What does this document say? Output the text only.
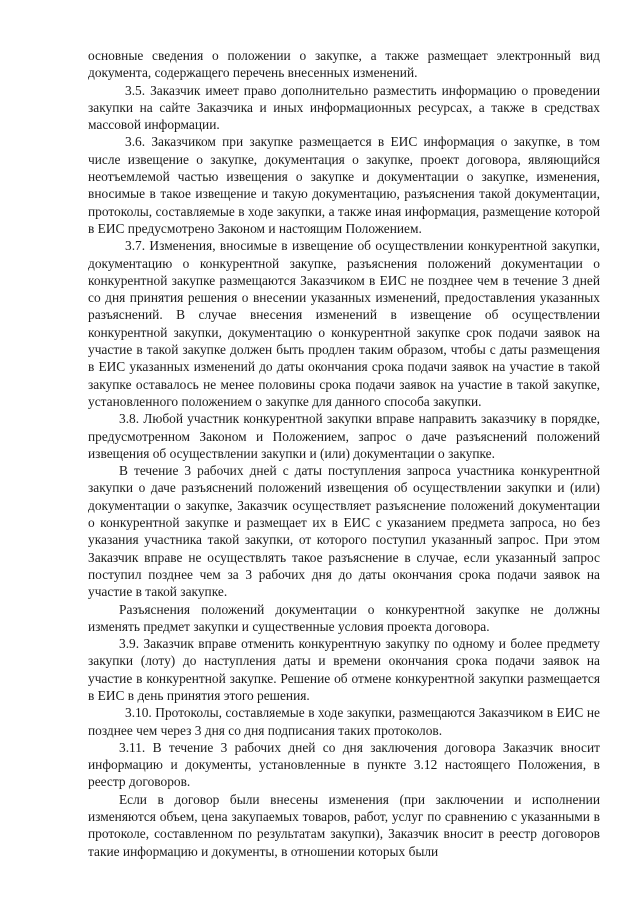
основные сведения о положении о закупке, а также размещает электронный вид документа, содержащего перечень внесенных изменений.

3.5. Заказчик имеет право дополнительно разместить информацию о проведении закупки на сайте Заказчика и иных информационных ресурсах, а также в средствах массовой информации.

3.6. Заказчиком при закупке размещается в ЕИС информация о закупке, в том числе извещение о закупке, документация о закупке, проект договора, являющийся неотъемлемой частью извещения о закупке и документации о закупке, изменения, вносимые в такое извещение и такую документацию, разъяснения такой документации, протоколы, составляемые в ходе закупки, а также иная информация, размещение которой в ЕИС предусмотрено Законом и настоящим Положением.

3.7. Изменения, вносимые в извещение об осуществлении конкурентной закупки, документацию о конкурентной закупке, разъяснения положений документации о конкурентной закупке размещаются Заказчиком в ЕИС не позднее чем в течение 3 дней со дня принятия решения о внесении указанных изменений, предоставления указанных разъяснений. В случае внесения изменений в извещение об осуществлении конкурентной закупки, документацию о конкурентной закупке срок подачи заявок на участие в такой закупке должен быть продлен таким образом, чтобы с даты размещения в ЕИС указанных изменений до даты окончания срока подачи заявок на участие в такой закупке оставалось не менее половины срока подачи заявок на участие в такой закупке, установленного положением о закупке для данного способа закупки.

3.8. Любой участник конкурентной закупки вправе направить заказчику в порядке, предусмотренном Законом и Положением, запрос о даче разъяснений положений извещения об осуществлении закупки и (или) документации о закупке.

В течение 3 рабочих дней с даты поступления запроса участника конкурентной закупки о даче разъяснений положений извещения об осуществлении закупки и (или) документации о закупке, Заказчик осуществляет разъяснение положений документации о конкурентной закупке и размещает их в ЕИС с указанием предмета запроса, но без указания участника такой закупки, от которого поступил указанный запрос. При этом Заказчик вправе не осуществлять такое разъяснение в случае, если указанный запрос поступил позднее чем за 3 рабочих дня до даты окончания срока подачи заявок на участие в такой закупке.

Разъяснения положений документации о конкурентной закупке не должны изменять предмет закупки и существенные условия проекта договора.

3.9. Заказчик вправе отменить конкурентную закупку по одному и более предмету закупки (лоту) до наступления даты и времени окончания срока подачи заявок на участие в конкурентной закупке. Решение об отмене конкурентной закупки размещается в ЕИС в день принятия этого решения.

3.10. Протоколы, составляемые в ходе закупки, размещаются Заказчиком в ЕИС не позднее чем через 3 дня со дня подписания таких протоколов.

3.11. В течение 3 рабочих дней со дня заключения договора Заказчик вносит информацию и документы, установленные в пункте 3.12 настоящего Положения, в реестр договоров.

Если в договор были внесены изменения (при заключении и исполнении изменяются объем, цена закупаемых товаров, работ, услуг по сравнению с указанными в протоколе, составленном по результатам закупки), Заказчик вносит в реестр договоров такие информацию и документы, в отношении которых были
